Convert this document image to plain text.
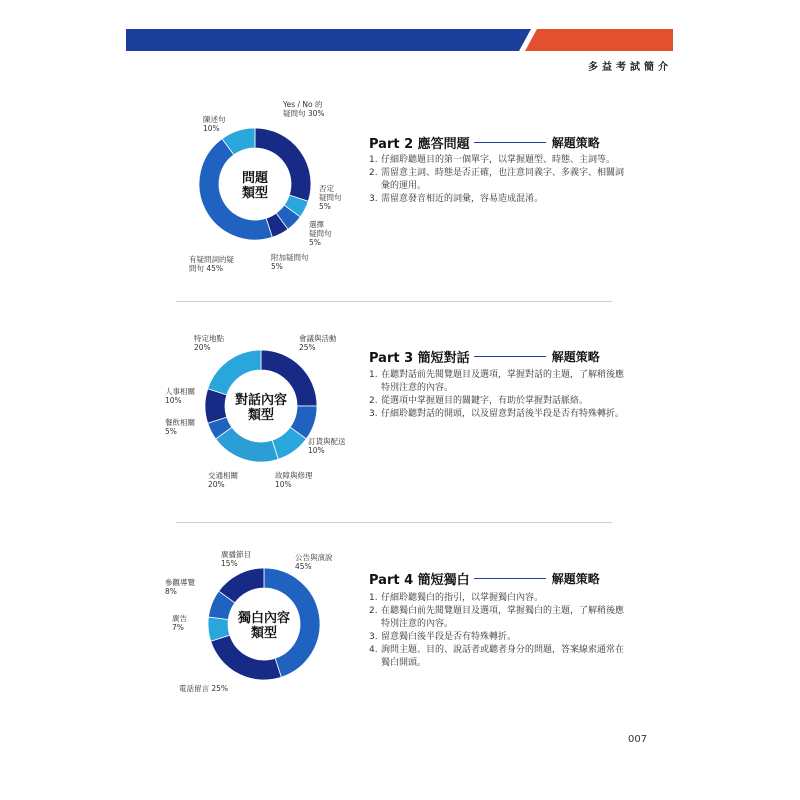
多益考試簡介
問題
類型
Yes / No 的
疑問句 30%
否定
疑問句
5%
選擇
疑問句
5%
附加疑問句
5%
有疑問詞的疑
問句 45%
陳述句
10%
Part 2 應答問題	解題策略
1. 仔細聆聽題目的第一個單字，以掌握題型、時態、主詞等。
2. 需留意主詞、時態是否正確，也注意同義字、多義字、相關詞彙的運用。
3. 需留意發音相近的詞彙，容易造成混淆。
對話內容
類型
會議與活動
25%
訂貨與配送
10%
故障與修理
10%
交通相關
20%
餐飲相關
5%
人事相關
10%
特定地點
20%
Part 3 簡短對話	解題策略
1. 在聽對話前先閱覽題目及選項，掌握對話的主題，了解稍後應特別注意的內容。
2. 從選項中掌握題目的關鍵字，有助於掌握對話脈絡。
3. 仔細聆聽對話的開頭，以及留意對話後半段是否有特殊轉折。
獨白內容
類型
公告與演說
45%
電話留言 25%
廣告
7%
參觀導覽
8%
廣播節目
15%
Part 4 簡短獨白	解題策略
1. 仔細聆聽獨白的指引，以掌握獨白內容。
2. 在聽獨白前先閱覽題目及選項，掌握獨白的主題，了解稍後應特別注意的內容。
3. 留意獨白後半段是否有特殊轉折。
4. 詢問主題、目的、說話者或聽者身分的問題，答案線索通常在獨白開頭。
007
